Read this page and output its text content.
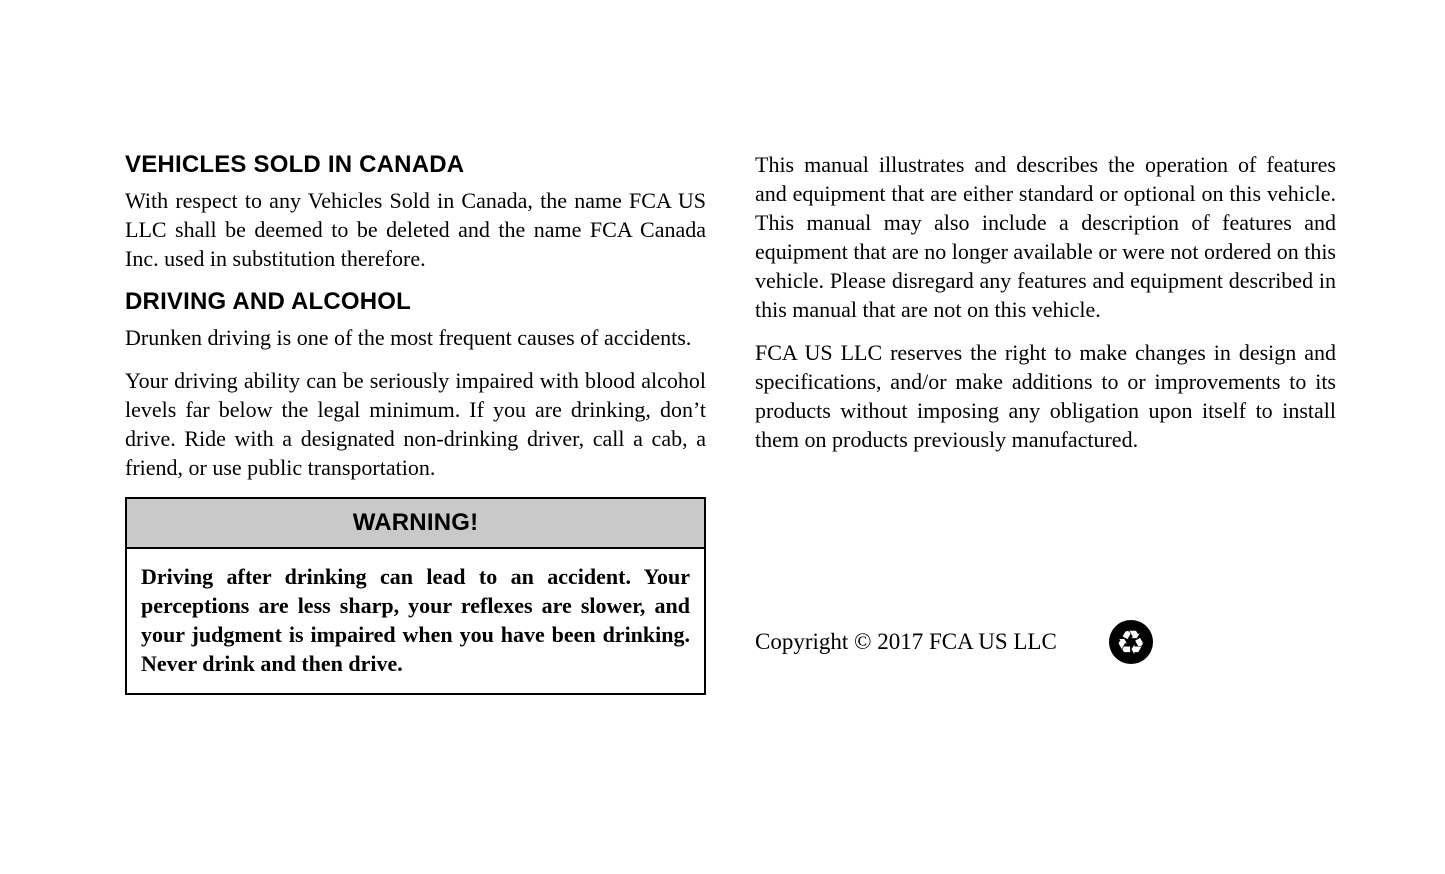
VEHICLES SOLD IN CANADA

With respect to any Vehicles Sold in Canada, the name FCA US LLC shall be deemed to be deleted and the name FCA Canada Inc. used in substitution therefore.

DRIVING AND ALCOHOL

Drunken driving is one of the most frequent causes of accidents.

Your driving ability can be seriously impaired with blood alcohol levels far below the legal minimum. If you are drinking, don’t drive. Ride with a designated non-drinking driver, call a cab, a friend, or use public transportation.

WARNING!
Driving after drinking can lead to an accident. Your perceptions are less sharp, your reflexes are slower, and your judgment is impaired when you have been drinking. Never drink and then drive.

This manual illustrates and describes the operation of features and equipment that are either standard or optional on this vehicle. This manual may also include a description of features and equipment that are no longer available or were not ordered on this vehicle. Please disregard any features and equipment described in this manual that are not on this vehicle.

FCA US LLC reserves the right to make changes in design and specifications, and/or make additions to or improvements to its products without imposing any obligation upon itself to install them on products previously manufactured.

Copyright © 2017 FCA US LLC ♻
